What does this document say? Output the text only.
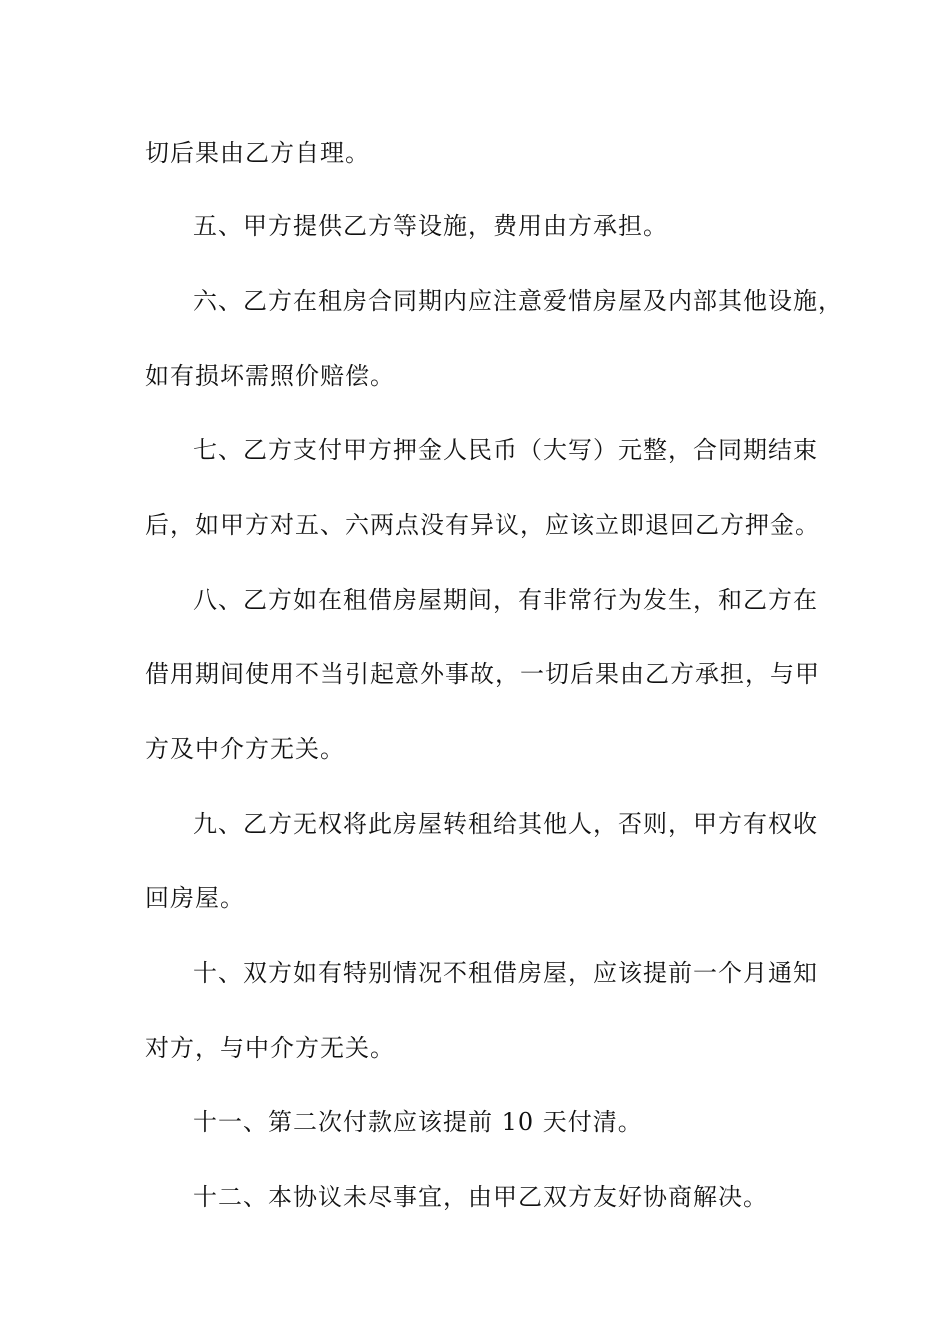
切后果由乙方自理。
五、甲方提供乙方等设施，费用由方承担。
六、乙方在租房合同期内应注意爱惜房屋及内部其他设施，
如有损坏需照价赔偿。
七、乙方支付甲方押金人民币（大写）元整，合同期结束
后，如甲方对五、六两点没有异议，应该立即退回乙方押金。
八、乙方如在租借房屋期间，有非常行为发生，和乙方在
借用期间使用不当引起意外事故，一切后果由乙方承担，与甲
方及中介方无关。
九、乙方无权将此房屋转租给其他人，否则，甲方有权收
回房屋。
十、双方如有特别情况不租借房屋，应该提前一个月通知
对方，与中介方无关。
十一、第二次付款应该提前 10 天付清。
十二、本协议未尽事宜，由甲乙双方友好协商解决。
